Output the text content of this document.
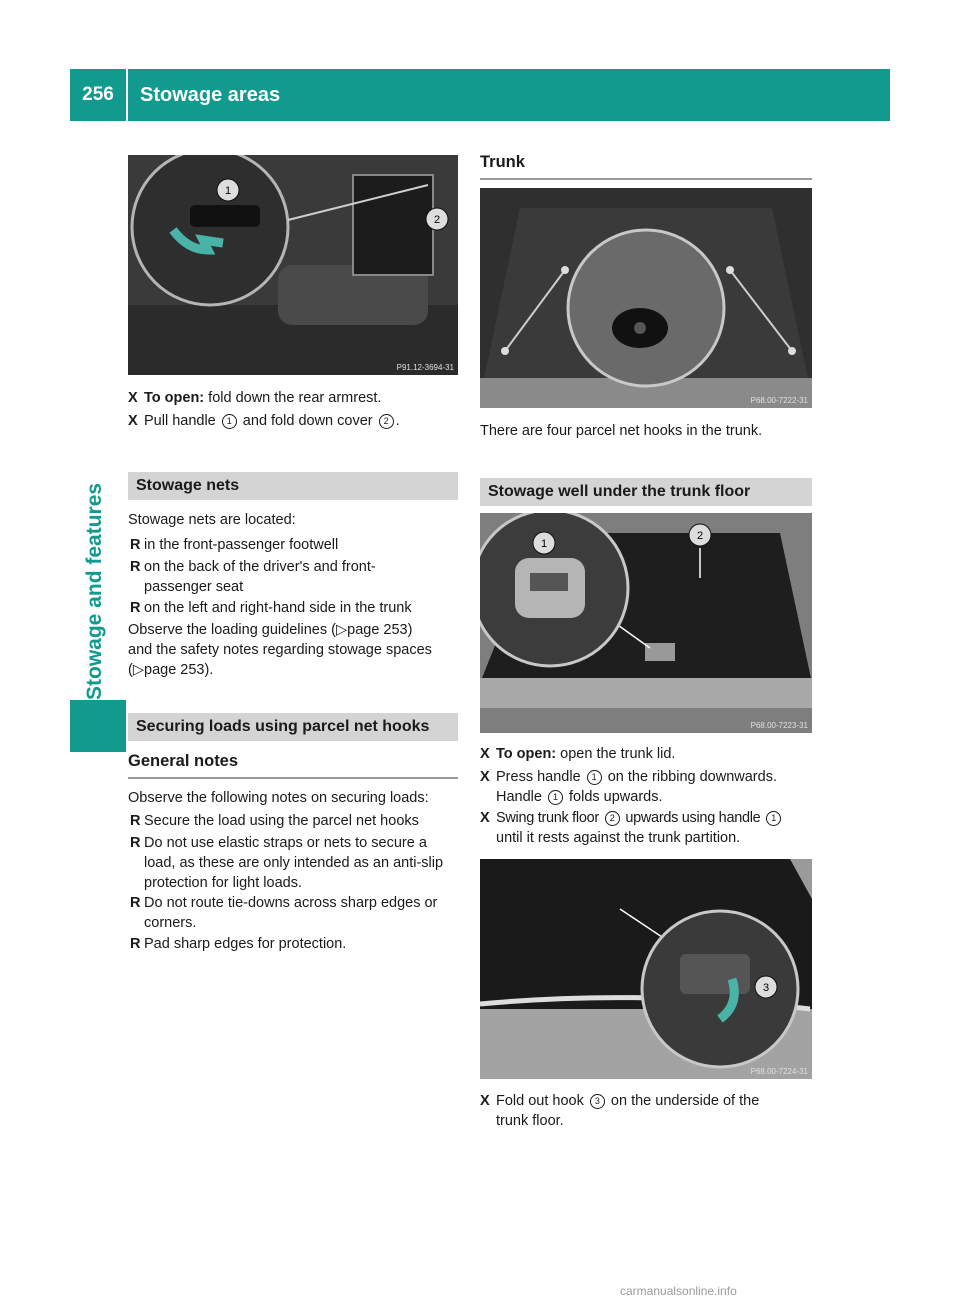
256	Stowage areas
Stowage and features
1
2
P91.12-3694-31
X To open: fold down the rear armrest.
X Pull handle 1 and fold down cover 2 .
Stowage nets
Stowage nets are located:
R in the front-passenger footwell
R on the back of the driver's and front-passenger seat
R on the left and right-hand side in the trunk
Observe the loading guidelines (▷page 253)
and the safety notes regarding stowage spaces
(▷page 253).
Securing loads using parcel net hooks
General notes
Observe the following notes on securing loads:
R Secure the load using the parcel net hooks
R Do not use elastic straps or nets to secure a load, as these are only intended as an anti-slip protection for light loads.
R Do not route tie-downs across sharp edges or corners.
R Pad sharp edges for protection.
Trunk
P68.00-7222-31
There are four parcel net hooks in the trunk.
Stowage well under the trunk floor
1
2
P68.00-7223-31
X To open: open the trunk lid.
X Press handle 1 on the ribbing downwards.
Handle 1 folds upwards.
X Swing trunk floor 2 upwards using handle 1
until it rests against the trunk partition.
3
P68.00-7224-31
X Fold out hook 3 on the underside of the
trunk floor.
carmanualsonline.info
